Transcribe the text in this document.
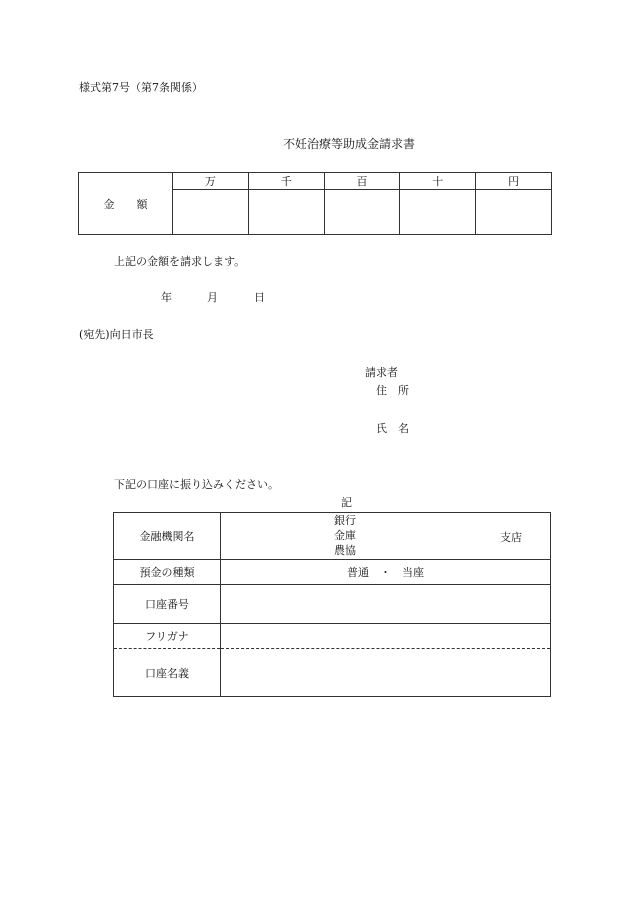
様式第7号（第7条関係）
不妊治療等助成金請求書
金　　額	万	千	百	十	円

上記の金額を請求します。
年	月	日
(宛先)向日市長
請求者
住　所
氏　名
下記の口座に振り込みください。
記
金融機関名	銀行
金庫
農協
支店

預金の種類	普通　・　当座
口座番号	
フリガナ	
口座名義	
